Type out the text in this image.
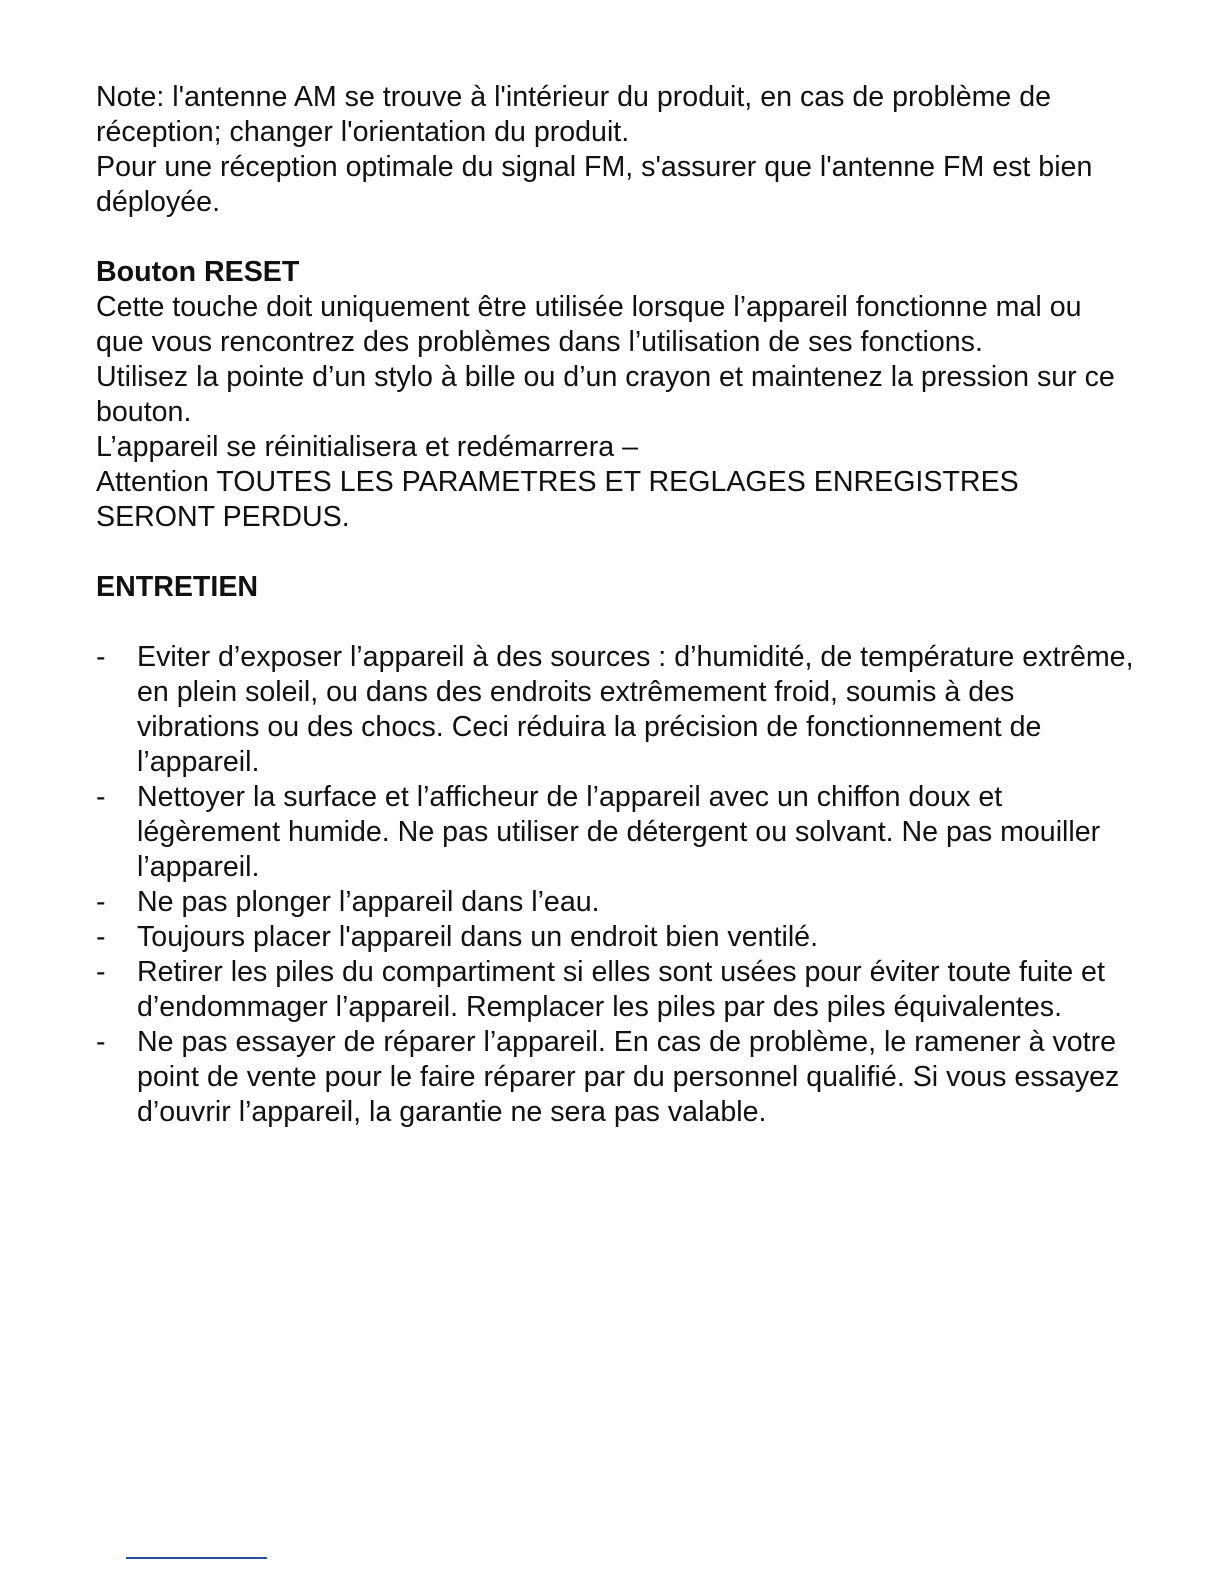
Note: l'antenne AM se trouve à l'intérieur du produit, en cas de problème de réception; changer l'orientation du produit.

Pour une réception optimale du signal FM, s'assurer que l'antenne FM est bien déployée.

Bouton RESET

Cette touche doit uniquement être utilisée lorsque l’appareil fonctionne mal ou que vous rencontrez des problèmes dans l’utilisation de ses fonctions.

Utilisez la pointe d’un stylo à bille ou d’un crayon et maintenez la pression sur ce bouton.

L’appareil se réinitialisera et redémarrera –

Attention TOUTES LES PARAMETRES ET REGLAGES ENREGISTRES SERONT PERDUS.

ENTRETIEN
- Eviter d’exposer l’appareil à des sources : d’humidité, de température extrême, en plein soleil, ou dans des endroits extrêmement froid, soumis à des vibrations ou des chocs. Ceci réduira la précision de fonctionnement de l’appareil.
- Nettoyer la surface et l’afficheur de l’appareil avec un chiffon doux et légèrement humide. Ne pas utiliser de détergent ou solvant. Ne pas mouiller l’appareil.
- Ne pas plonger l’appareil dans l’eau.
- Toujours placer l'appareil dans un endroit bien ventilé.
- Retirer les piles du compartiment si elles sont usées pour éviter toute fuite et d’endommager l’appareil. Remplacer les piles par des piles équivalentes.
- Ne pas essayer de réparer l’appareil. En cas de problème, le ramener à votre point de vente pour le faire réparer par du personnel qualifié. Si vous essayez d’ouvrir l’appareil, la garantie ne sera pas valable.
